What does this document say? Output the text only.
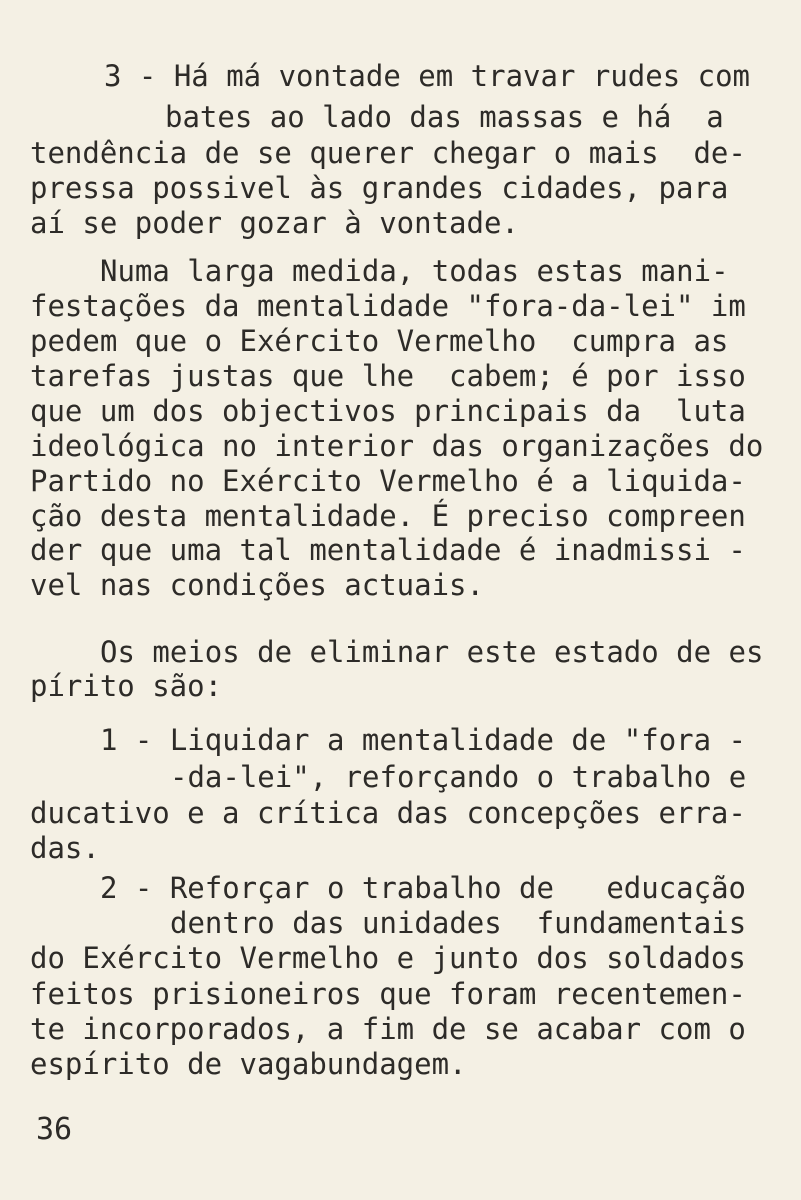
3 - Há má vontade em travar rudes com
bates ao lado das massas e há  a
tendência de se querer chegar o mais  de-
pressa possivel às grandes cidades, para
aí se poder gozar à vontade.
Numa larga medida, todas estas mani-
festações da mentalidade "fora-da-lei" im
pedem que o Exército Vermelho  cumpra as
tarefas justas que lhe  cabem; é por isso
que um dos objectivos principais da  luta
ideológica no interior das organizações do
Partido no Exército Vermelho é a liquida-
ção desta mentalidade. É preciso compreen
der que uma tal mentalidade é inadmissi -
vel nas condições actuais.
Os meios de eliminar este estado de es
pírito são:
1 - Liquidar a mentalidade de "fora -
-da-lei", reforçando o trabalho e
ducativo e a crítica das concepções erra-
das.
2 - Reforçar o trabalho de   educação
dentro das unidades  fundamentais
do Exército Vermelho e junto dos soldados
feitos prisioneiros que foram recentemen-
te incorporados, a fim de se acabar com o
espírito de vagabundagem.
36
